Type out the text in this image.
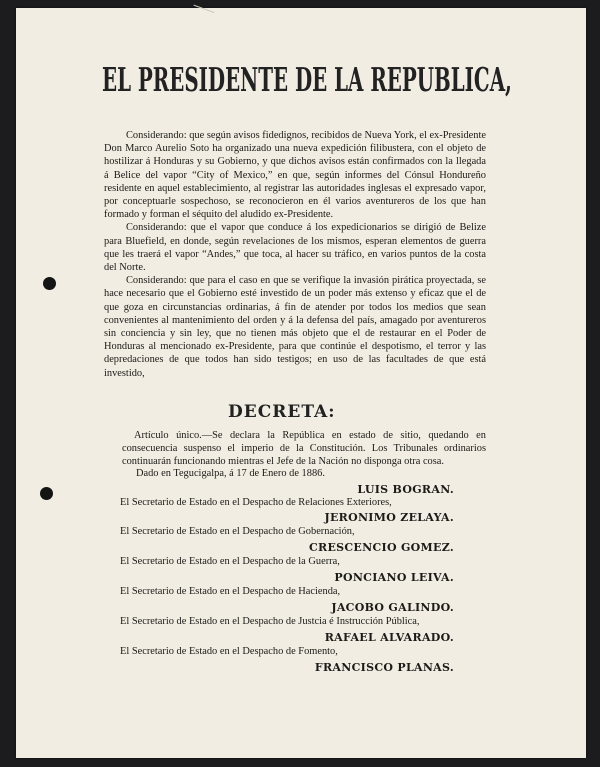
EL PRESIDENTE DE LA REPUBLICA,

Considerando: que según avisos fidedignos, recibidos de Nueva York, el ex-Presidente Don Marco Aurelio Soto ha organizado una nueva expedición filibustera, con el objeto de hostilizar á Honduras y su Gobierno, y que dichos avisos están confirmados con la llegada á Belice del vapor “City of Mexico,” en que, según informes del Cónsul Hondureño residente en aquel establecimiento, al registrar las autoridades inglesas el expresado vapor, por conceptuarle sospechoso, se reconocieron en él varios aventureros de los que han formado y forman el séquito del aludido ex-Presidente.

Considerando: que el vapor que conduce á los expedicionarios se dirigió de Belize para Bluefield, en donde, según revelaciones de los mismos, esperan elementos de guerra que les traerá el vapor “Andes,” que toca, al hacer su tráfico, en varios puntos de la costa del Norte.

Considerando: que para el caso en que se verifique la invasión pirática proyectada, se hace necesario que el Gobierno esté investido de un poder más extenso y eficaz que el de que goza en circunstancias ordinarias, á fin de atender por todos los medios que sean convenientes al mantenimiento del orden y á la defensa del país, amagado por aventureros sin conciencia y sin ley, que no tienen más objeto que el de restaurar en el Poder de Honduras al mencionado ex-Presidente, para que continúe el despotismo, el terror y las depredaciones de que todos han sido testigos; en uso de las facultades de que está investido,

DECRETA:

Artículo único.—Se declara la República en estado de sitio, quedando en consecuencia suspenso el imperio de la Constitución. Los Tribunales ordinarios continuarán funcionando mientras el Jefe de la Nación no disponga otra cosa.

Dado en Tegucigalpa, á 17 de Enero de 1886.
LUIS BOGRAN.
El Secretario de Estado en el Despacho de Relaciones Exteriores,
JERONIMO ZELAYA.
El Secretario de Estado en el Despacho de Gobernación,
CRESCENCIO GOMEZ.
El Secretario de Estado en el Despacho de la Guerra,
PONCIANO LEIVA.
El Secretario de Estado en el Despacho de Hacienda,
JACOBO GALINDO.
El Secretario de Estado en el Despacho de Justcia é Instrucción Pública,
RAFAEL ALVARADO.
El Secretario de Estado en el Despacho de Fomento,
FRANCISCO PLANAS.
